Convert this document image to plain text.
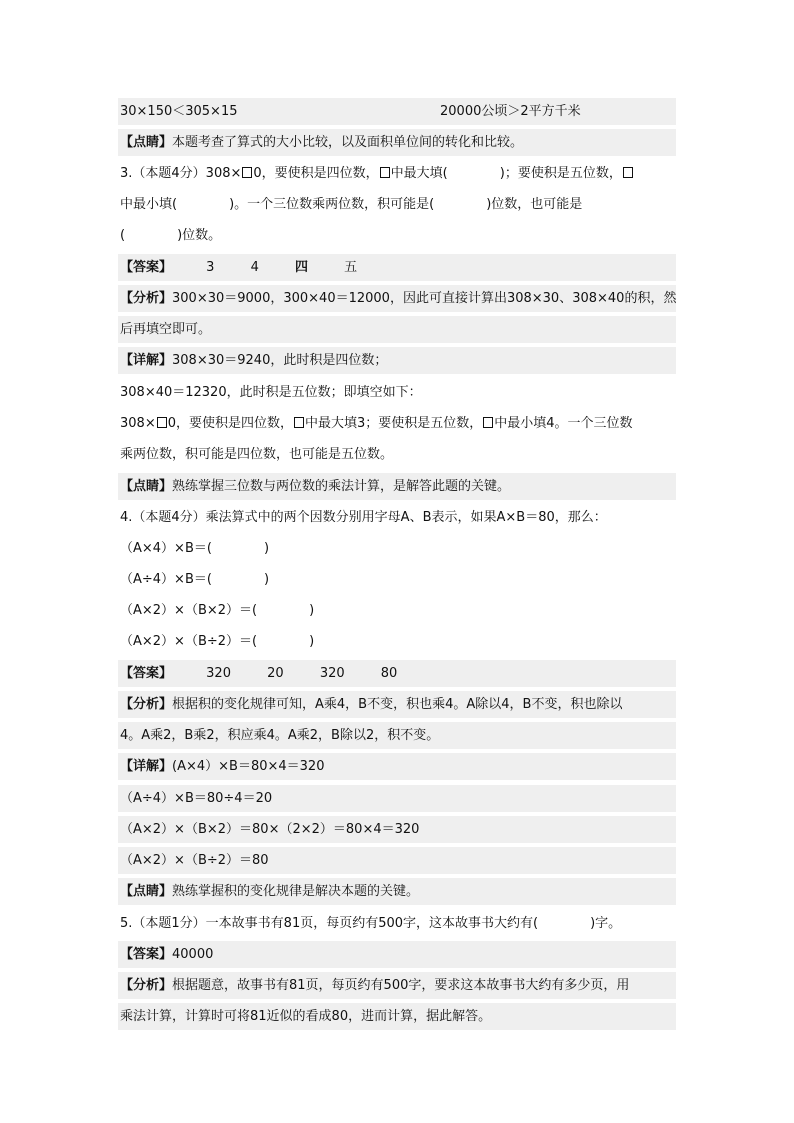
30×150＜305×15	20000公顷＞2平方千米
【点睛】本题考查了算式的大小比较，以及面积单位间的转化和比较。
3.（本题4分）308× 0，要使积是四位数， 中最大填(　　　　)；要使积是五位数，
中最小填(　　　　)。一个三位数乘两位数，积可能是(　　　　)位数，也可能是
(　　　　)位数。
【答案】	3	4	四	五
【分析】300×30＝9000，300×40＝12000，因此可直接计算出308×30、308×40的积，然
后再填空即可。
【详解】308×30＝9240，此时积是四位数；
308×40＝12320，此时积是五位数；即填空如下：
308× 0，要使积是四位数， 中最大填3；要使积是五位数， 中最小填4。一个三位数
乘两位数，积可能是四位数，也可能是五位数。
【点睛】熟练掌握三位数与两位数的乘法计算，是解答此题的关键。
4.（本题4分）乘法算式中的两个因数分别用字母A、B表示，如果A×B＝80，那么：
（A×4）×B＝(　　　　)
（A÷4）×B＝(　　　　)
（A×2）×（B×2）＝(　　　　)
（A×2）×（B÷2）＝(　　　　)
【答案】	320	20	320	80
【分析】根据积的变化规律可知，A乘4，B不变，积也乘4。A除以4，B不变，积也除以
4。A乘2，B乘2，积应乘4。A乘2，B除以2，积不变。
【详解】(A×4）×B＝80×4＝320
（A÷4）×B＝80÷4＝20
（A×2）×（B×2）＝80×（2×2）＝80×4＝320
（A×2）×（B÷2）＝80
【点睛】熟练掌握积的变化规律是解决本题的关键。
5.（本题1分）一本故事书有81页，每页约有500字，这本故事书大约有(　　　　)字。
【答案】40000
【分析】根据题意，故事书有81页，每页约有500字，要求这本故事书大约有多少页，用
乘法计算，计算时可将81近似的看成80，进而计算，据此解答。
